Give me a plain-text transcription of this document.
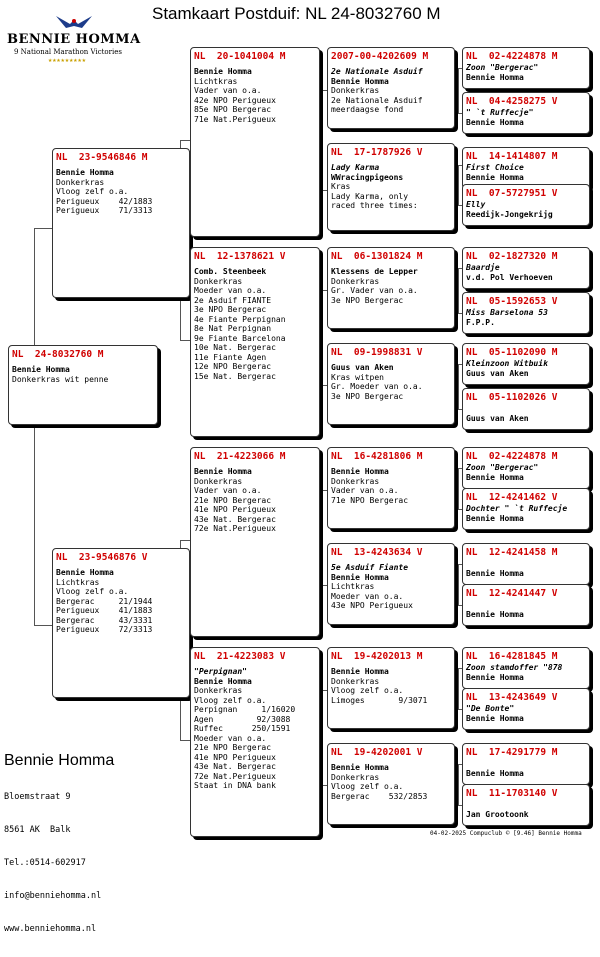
Stamkaart Postduif: NL 24-8032760 M
BENNIE HOMMA
9 National Marathon Victories
★★★★★★★★★
NL  24-8032760 M
Bennie Homma
Donkerkras wit penne
NL  23-9546846 M
Bennie Homma
Donkerkras
Vloog zelf o.a.
Perigueux    42/1883
Perigueux    71/3313
NL  23-9546876 V
Bennie Homma
Lichtkras
Vloog zelf o.a.
Bergerac     21/1944
Perigueux    41/1883
Bergerac     43/3331
Perigueux    72/3313
NL  20-1041004 M
Bennie Homma
Lichtkras
Vader van o.a.
42e NPO Perigueux
85e NPO Bergerac
71e Nat.Perigueux
NL  12-1378621 V
Comb. Steenbeek
Donkerkras
Moeder van o.a.
2e Asduif FIANTE
3e NPO Bergerac
4e Fiante Perpignan
8e Nat Perpignan
9e Fiante Barcelona
10e Nat. Bergerac
11e Fiante Agen
12e NPO Bergerac
15e Nat. Bergerac
NL  21-4223066 M
Bennie Homma
Donkerkras
Vader van o.a.
21e NPO Bergerac
41e NPO Perigueux
43e Nat. Bergerac
72e Nat.Perigueux
NL  21-4223083 V
"Perpignan"
Bennie Homma
Donkerkras
Vloog zelf o.a.
Perpignan     1/16020
Agen         92/3088
Ruffec      250/1591
Moeder van o.a.
21e NPO Bergerac
41e NPO Perigueux
43e Nat. Bergerac
72e Nat.Perigueux
Staat in DNA bank
2007-00-4202609 M
2e Nationale Asduif
Bennie Homma
Donkerkras
2e Nationale Asduif
meerdaagse fond
NL  17-1787926 V
Lady Karma
WWracingpigeons
Kras
Lady Karma, only
raced three times:
NL  06-1301824 M
Klessens de Lepper
Donkerkras
Gr. Vader van o.a.
3e NPO Bergerac
NL  09-1998831 V
Guus van Aken
Kras witpen
Gr. Moeder van o.a.
3e NPO Bergerac
NL  16-4281806 M
Bennie Homma
Donkerkras
Vader van o.a.
71e NPO Bergerac
NL  13-4243634 V
5e Asduif Fiante
Bennie Homma
Lichtkras
Moeder van o.a.
43e NPO Perigueux
NL  19-4202013 M
Bennie Homma
Donkerkras
Vloog zelf o.a.
Limoges       9/3071
NL  19-4202001 V
Bennie Homma
Donkerkras
Vloog zelf o.a.
Bergerac    532/2853
NL  02-4224878 M
Zoon "Bergerac"
Bennie Homma
NL  04-4258275 V
" `t Ruffecje"
Bennie Homma
NL  14-1414807 M
First Choice
Bennie Homma
NL  07-5727951 V
Elly
Reedijk-Jongekrijg
NL  02-1827320 M
Baardje
v.d. Pol Verhoeven
NL  05-1592653 V
Miss Barselona 53
F.P.P.
NL  05-1102090 M
Kleinzoon Witbuik
Guus van Aken
NL  05-1102026 V
Guus van Aken
NL  02-4224878 M
Zoon "Bergerac"
Bennie Homma
NL  12-4241462 V
Dochter " `t Ruffecje
Bennie Homma
NL  12-4241458 M
Bennie Homma
NL  12-4241447 V
Bennie Homma
NL  16-4281845 M
Zoon stamdoffer "878
Bennie Homma
NL  13-4243649 V
"De Bonte"
Bennie Homma
NL  17-4291779 M
Bennie Homma
NL  11-1703140 V
Jan Grootoonk
Bennie Homma

Bloemstraat 9

8561 AK  Balk

Tel.:0514-602917

info@benniehomma.nl

www.benniehomma.nl

04-02-2025 Compuclub © [9.46] Bennie Homma
